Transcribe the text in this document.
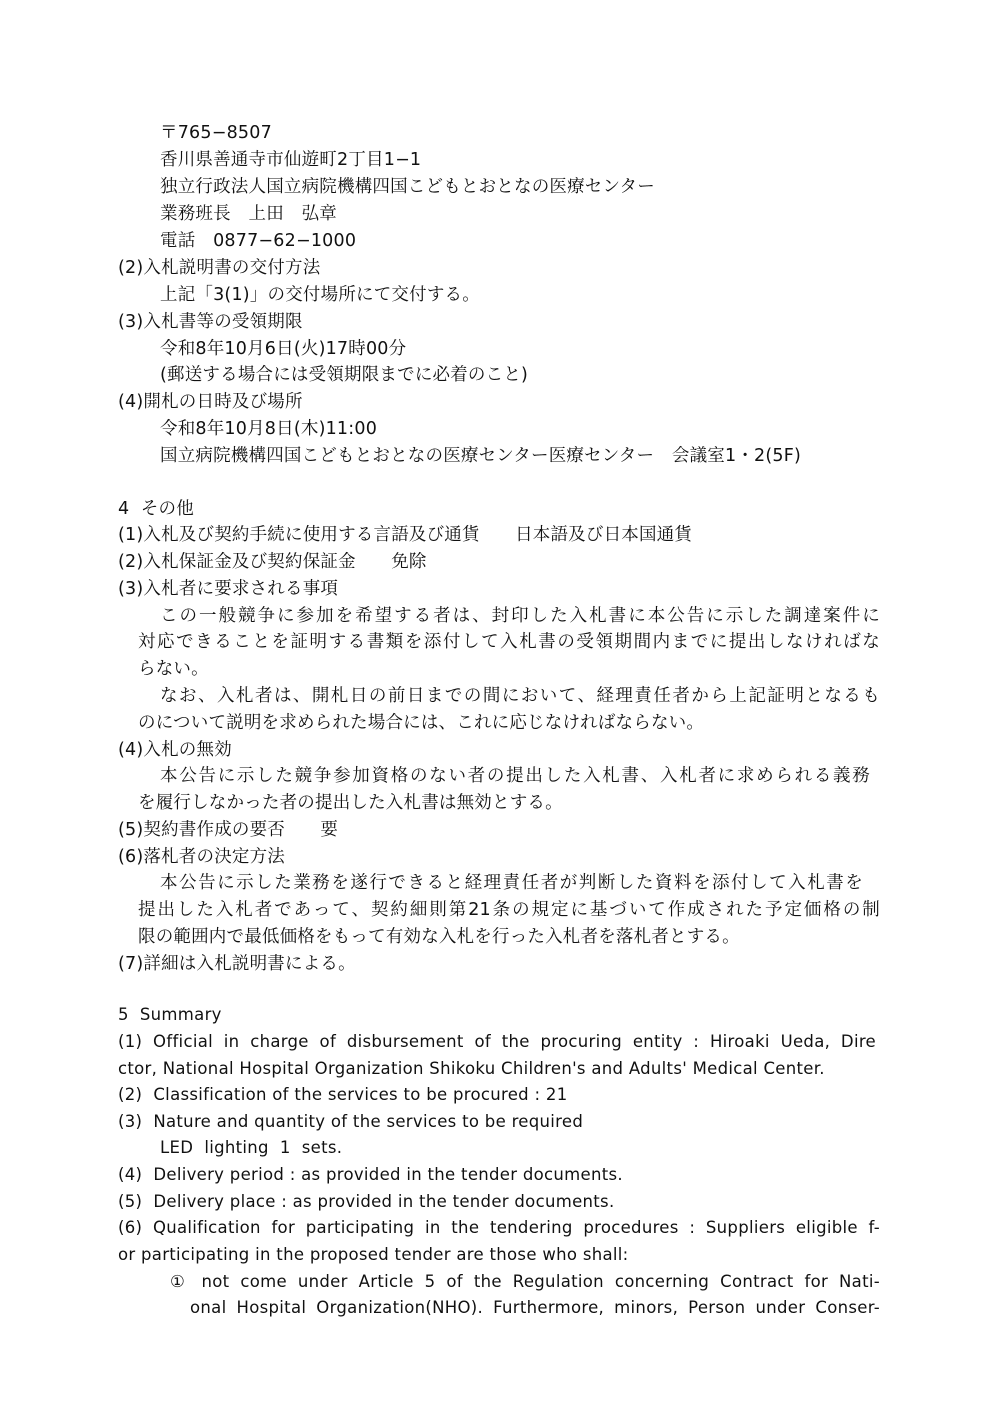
〒765−8507
香川県善通寺市仙遊町2丁目1−1
独立行政法人国立病院機構四国こどもとおとなの医療センター
業務班長　上田　弘章
電話　0877−62−1000
(2)入札説明書の交付方法
上記「3(1)」の交付場所にて交付する。
(3)入札書等の受領期限
令和8年10月6日(火)17時00分
(郵送する場合には受領期限までに必着のこと)
(4)開札の日時及び場所
令和8年10月8日(木)11:00
国立病院機構四国こどもとおとなの医療センター医療センター　会議室1・2(5F)
4  その他
(1)入札及び契約手続に使用する言語及び通貨　　日本語及び日本国通貨
(2)入札保証金及び契約保証金　　免除
(3)入札者に要求される事項
この一般競争に参加を希望する者は、封印した入札書に本公告に示した調達案件に
対応できることを証明する書類を添付して入札書の受領期間内までに提出しなければな
らない。
なお、入札者は、開札日の前日までの間において、経理責任者から上記証明となるも
のについて説明を求められた場合には、これに応じなければならない。
(4)入札の無効
本公告に示した競争参加資格のない者の提出した入札書、入札者に求められる義務
を履行しなかった者の提出した入札書は無効とする。
(5)契約書作成の要否　　要
(6)落札者の決定方法
本公告に示した業務を遂行できると経理責任者が判断した資料を添付して入札書を
提出した入札者であって、契約細則第21条の規定に基づいて作成された予定価格の制
限の範囲内で最低価格をもって有効な入札を行った入札者を落札者とする。
(7)詳細は入札説明書による。
5  Summary
(1) Official in charge of disbursement of the procuring entity : Hiroaki Ueda, Dire
ctor, National Hospital Organization Shikoku Children's and Adults' Medical Center.
(2)  Classification of the services to be procured : 21
(3)  Nature and quantity of the services to be required
LED  lighting  1  sets.
(4)  Delivery period : as provided in the tender documents.
(5)  Delivery place : as provided in the tender documents.
(6) Qualification for participating in the tendering procedures : Suppliers eligible f-
or participating in the proposed tender are those who shall:
① not come under Article 5 of the Regulation concerning Contract for Nati-
onal Hospital Organization(NHO). Furthermore, minors, Person under Conser-
